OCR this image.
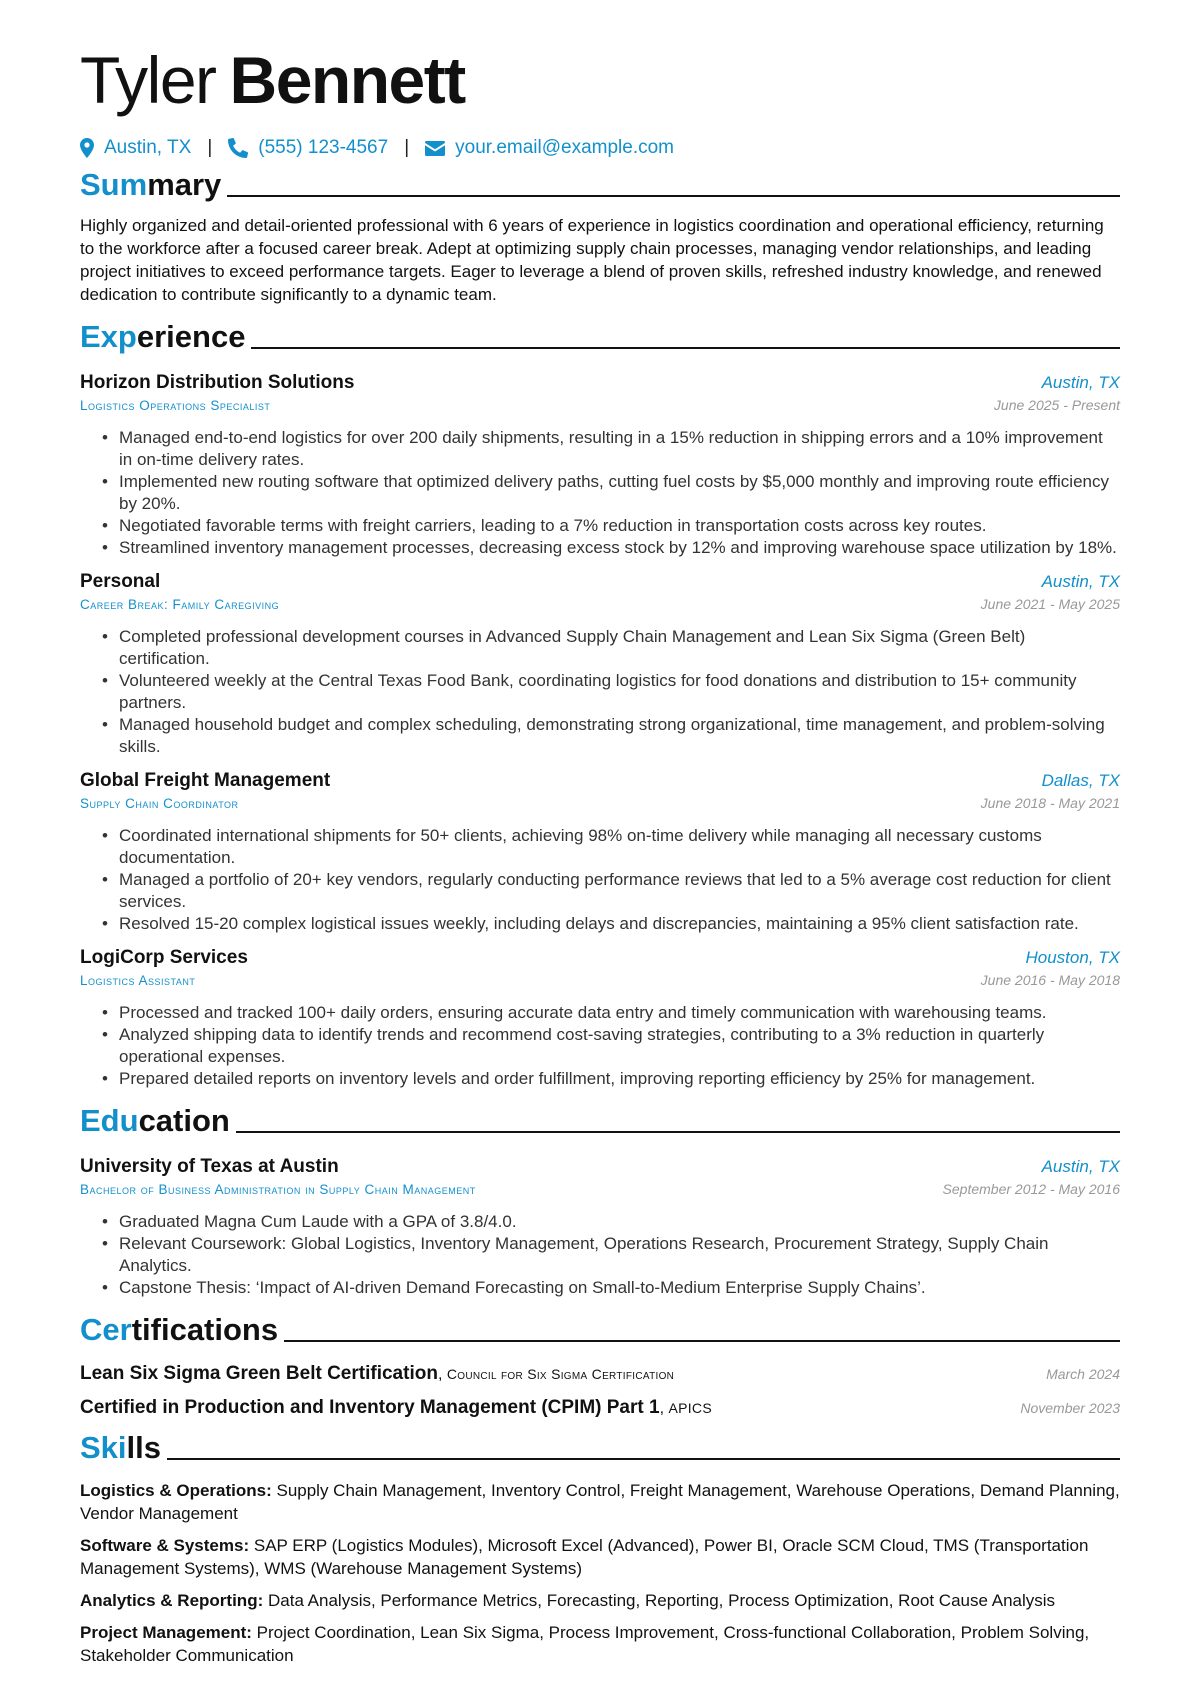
Tyler Bennett
Austin, TX | (555) 123-4567 | your.email@example.com
Sum mary
Highly organized and detail-oriented professional with 6 years of experience in logistics coordination and operational efficiency, returning to the workforce after a focused career break. Adept at optimizing supply chain processes, managing vendor relationships, and leading project initiatives to exceed performance targets. Eager to leverage a blend of proven skills, refreshed industry knowledge, and renewed dedication to contribute significantly to a dynamic team.
Exp erience
Horizon Distribution Solutions	Austin, TX
Logistics Operations Specialist	June 2025 - Present
• Managed end-to-end logistics for over 200 daily shipments, resulting in a 15% reduction in shipping errors and a 10% improvement in on-time delivery rates.
• Implemented new routing software that optimized delivery paths, cutting fuel costs by $5,000 monthly and improving route efficiency by 20%.
• Negotiated favorable terms with freight carriers, leading to a 7% reduction in transportation costs across key routes.
• Streamlined inventory management processes, decreasing excess stock by 12% and improving warehouse space utilization by 18%.
Personal	Austin, TX
Career Break: Family Caregiving	June 2021 - May 2025
• Completed professional development courses in Advanced Supply Chain Management and Lean Six Sigma (Green Belt) certification.
• Volunteered weekly at the Central Texas Food Bank, coordinating logistics for food donations and distribution to 15+ community partners.
• Managed household budget and complex scheduling, demonstrating strong organizational, time management, and problem-solving skills.
Global Freight Management	Dallas, TX
Supply Chain Coordinator	June 2018 - May 2021
• Coordinated international shipments for 50+ clients, achieving 98% on-time delivery while managing all necessary customs documentation.
• Managed a portfolio of 20+ key vendors, regularly conducting performance reviews that led to a 5% average cost reduction for client services.
• Resolved 15-20 complex logistical issues weekly, including delays and discrepancies, maintaining a 95% client satisfaction rate.
LogiCorp Services	Houston, TX
Logistics Assistant	June 2016 - May 2018
• Processed and tracked 100+ daily orders, ensuring accurate data entry and timely communication with warehousing teams.
• Analyzed shipping data to identify trends and recommend cost-saving strategies, contributing to a 3% reduction in quarterly operational expenses.
• Prepared detailed reports on inventory levels and order fulfillment, improving reporting efficiency by 25% for management.
Edu cation
University of Texas at Austin	Austin, TX
Bachelor of Business Administration in Supply Chain Management	September 2012 - May 2016
• Graduated Magna Cum Laude with a GPA of 3.8/4.0.
• Relevant Coursework: Global Logistics, Inventory Management, Operations Research, Procurement Strategy, Supply Chain Analytics.
• Capstone Thesis: ‘Impact of AI-driven Demand Forecasting on Small-to-Medium Enterprise Supply Chains’.
Cer tifications
Lean Six Sigma Green Belt Certification, Council for Six Sigma Certification	March 2024
Certified in Production and Inventory Management (CPIM) Part 1, APICS	November 2023
Ski lls
Logistics & Operations: Supply Chain Management, Inventory Control, Freight Management, Warehouse Operations, Demand Planning, Vendor Management
Software & Systems: SAP ERP (Logistics Modules), Microsoft Excel (Advanced), Power BI, Oracle SCM Cloud, TMS (Transportation Management Systems), WMS (Warehouse Management Systems)
Analytics & Reporting: Data Analysis, Performance Metrics, Forecasting, Reporting, Process Optimization, Root Cause Analysis
Project Management: Project Coordination, Lean Six Sigma, Process Improvement, Cross-functional Collaboration, Problem Solving, Stakeholder Communication
